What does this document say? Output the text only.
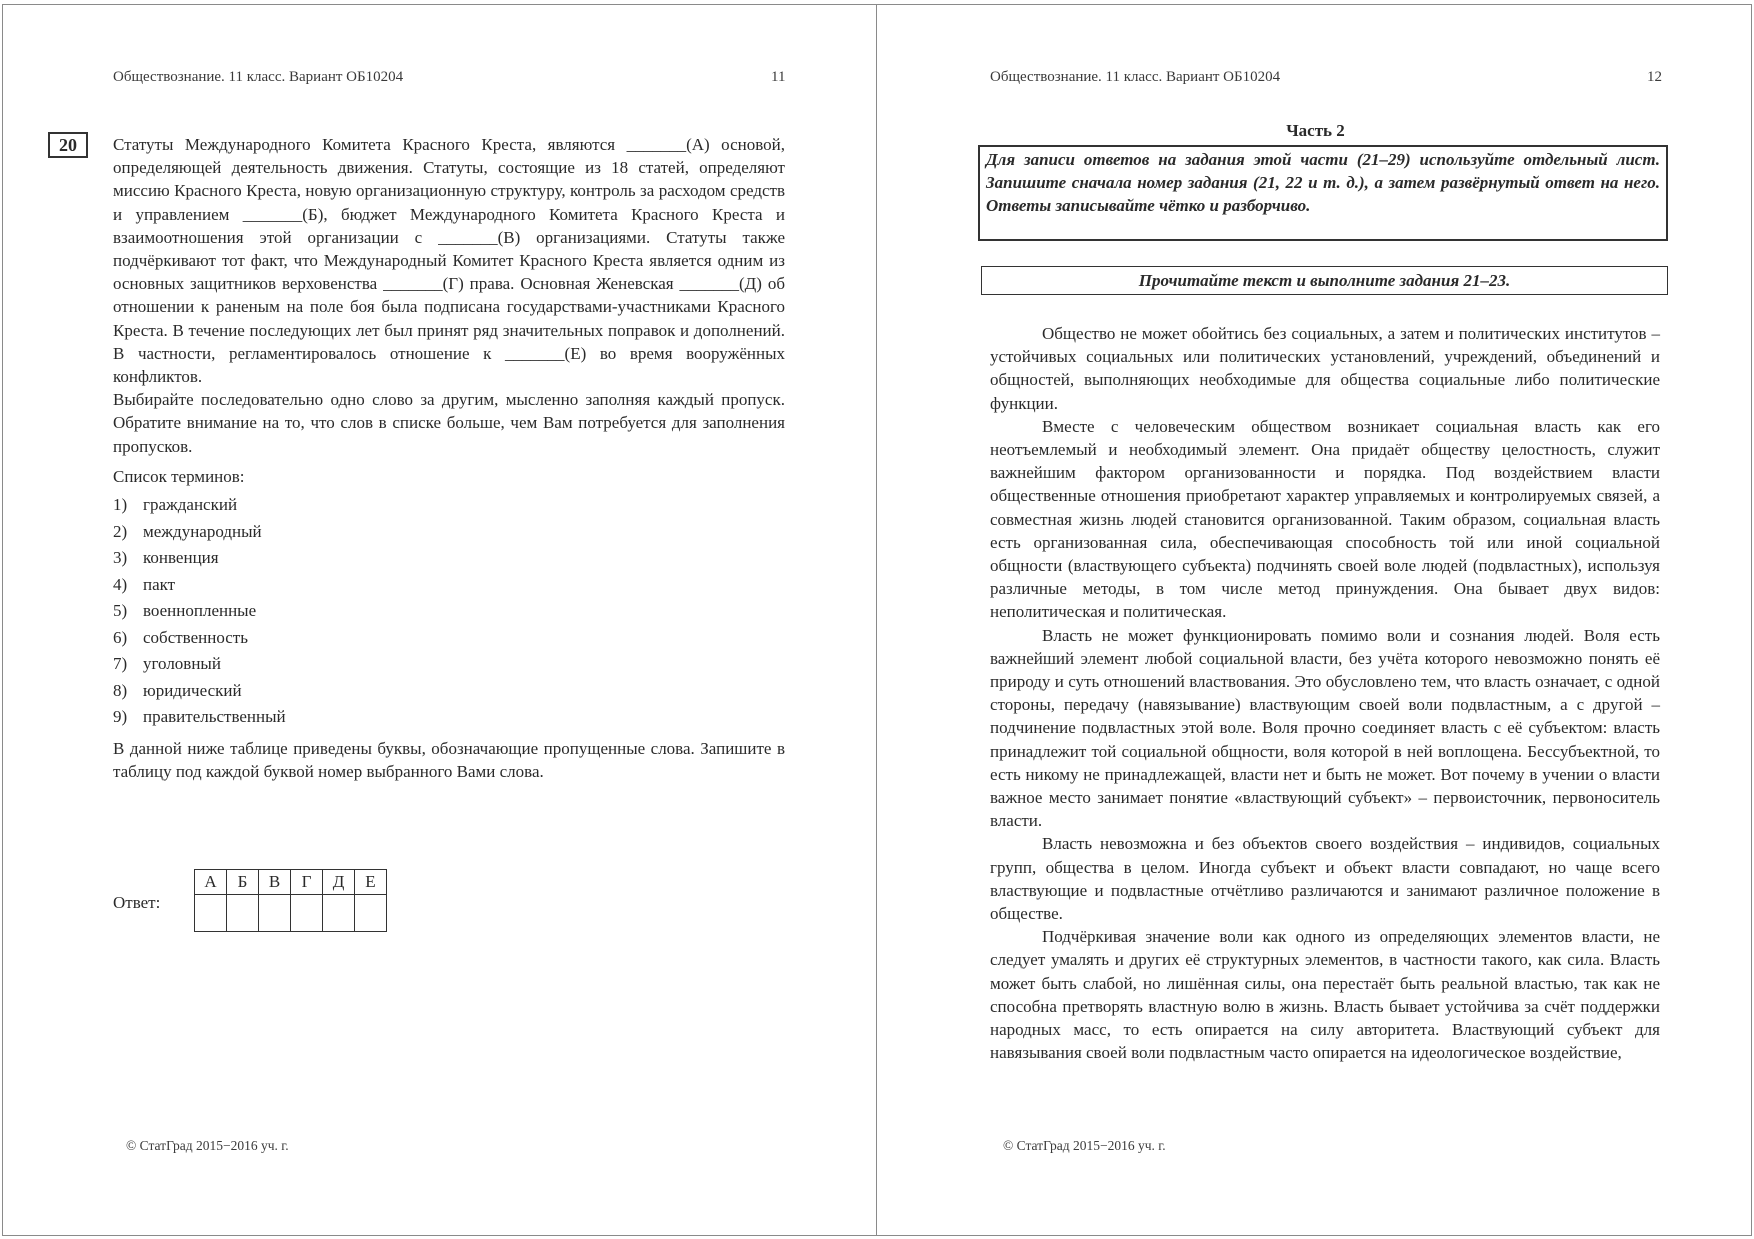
Обществознание. 11 класс. Вариант ОБ10204	11
20	Статуты Международного Комитета Красного Креста, являются _______(А) основой, определяющей деятельность движения. Статуты, состоящие из 18 статей, определяют миссию Красного Креста, новую организационную структуру, контроль за расходом средств и управлением _______(Б), бюджет Международного Комитета Красного Креста и взаимоотношения этой организации с _______(В) организациями. Статуты также подчёркивают тот факт, что Международный Комитет Красного Креста является одним из основных защитников верховенства _______(Г) права. Основная Женевская _______(Д) об отношении к раненым на поле боя была подписана государствами-участниками Красного Креста. В течение последующих лет был принят ряд значительных поправок и дополнений. В частности, регламентировалось отношение к _______(Е) во время вооружённых конфликтов.

Выбирайте последовательно одно слово за другим, мысленно заполняя каждый пропуск. Обратите внимание на то, что слов в списке больше, чем Вам потребуется для заполнения пропусков.

Список терминов:

1) гражданский
2) международный
3) конвенция
4) пакт
5) военнопленные
6) собственность
7) уголовный
8) юридический
9) правительственный

В данной ниже таблице приведены буквы, обозначающие пропущенные слова. Запишите в таблицу под каждой буквой номер выбранного Вами слова.

Ответ:
А	Б	В	Г	Д	Е

© СтатГрад 2015−2016 уч. г.
Обществознание. 11 класс. Вариант ОБ10204	12
Часть 2
Для записи ответов на задания этой части (21–29) используйте отдельный лист. Запишите сначала номер задания (21, 22 и т. д.), а затем развёрнутый ответ на него. Ответы записывайте чётко и разборчиво.
Прочитайте текст и выполните задания 21–23.

Общество не может обойтись без социальных, а затем и политических институтов – устойчивых социальных или политических установлений, учреждений, объединений и общностей, выполняющих необходимые для общества социальные либо политические функции.

Вместе с человеческим обществом возникает социальная власть как его неотъемлемый и необходимый элемент. Она придаёт обществу целостность, служит важнейшим фактором организованности и порядка. Под воздействием власти общественные отношения приобретают характер управляемых и контролируемых связей, а совместная жизнь людей становится организованной. Таким образом, социальная власть есть организованная сила, обеспечивающая способность той или иной социальной общности (властвующего субъекта) подчинять своей воле людей (подвластных), используя различные методы, в том числе метод принуждения. Она бывает двух видов: неполитическая и политическая.

Власть не может функционировать помимо воли и сознания людей. Воля есть важнейший элемент любой социальной власти, без учёта которого невозможно понять её природу и суть отношений властвования. Это обусловлено тем, что власть означает, с одной стороны, передачу (навязывание) властвующим своей воли подвластным, а с другой – подчинение подвластных этой воле. Воля прочно соединяет власть с её субъектом: власть принадлежит той социальной общности, воля которой в ней воплощена. Бессубъектной, то есть никому не принадлежащей, власти нет и быть не может. Вот почему в учении о власти важное место занимает понятие «властвующий субъект» – первоисточник, первоноситель власти.

Власть невозможна и без объектов своего воздействия – индивидов, социальных групп, общества в целом. Иногда субъект и объект власти совпадают, но чаще всего властвующие и подвластные отчётливо различаются и занимают различное положение в обществе.

Подчёркивая значение воли как одного из определяющих элементов власти, не следует умалять и других её структурных элементов, в частности такого, как сила. Власть может быть слабой, но лишённая силы, она перестаёт быть реальной властью, так как не способна претворять властную волю в жизнь. Власть бывает устойчива за счёт поддержки народных масс, то есть опирается на силу авторитета. Властвующий субъект для навязывания своей воли подвластным часто опирается на идеологическое воздействие,

© СтатГрад 2015−2016 уч. г.
